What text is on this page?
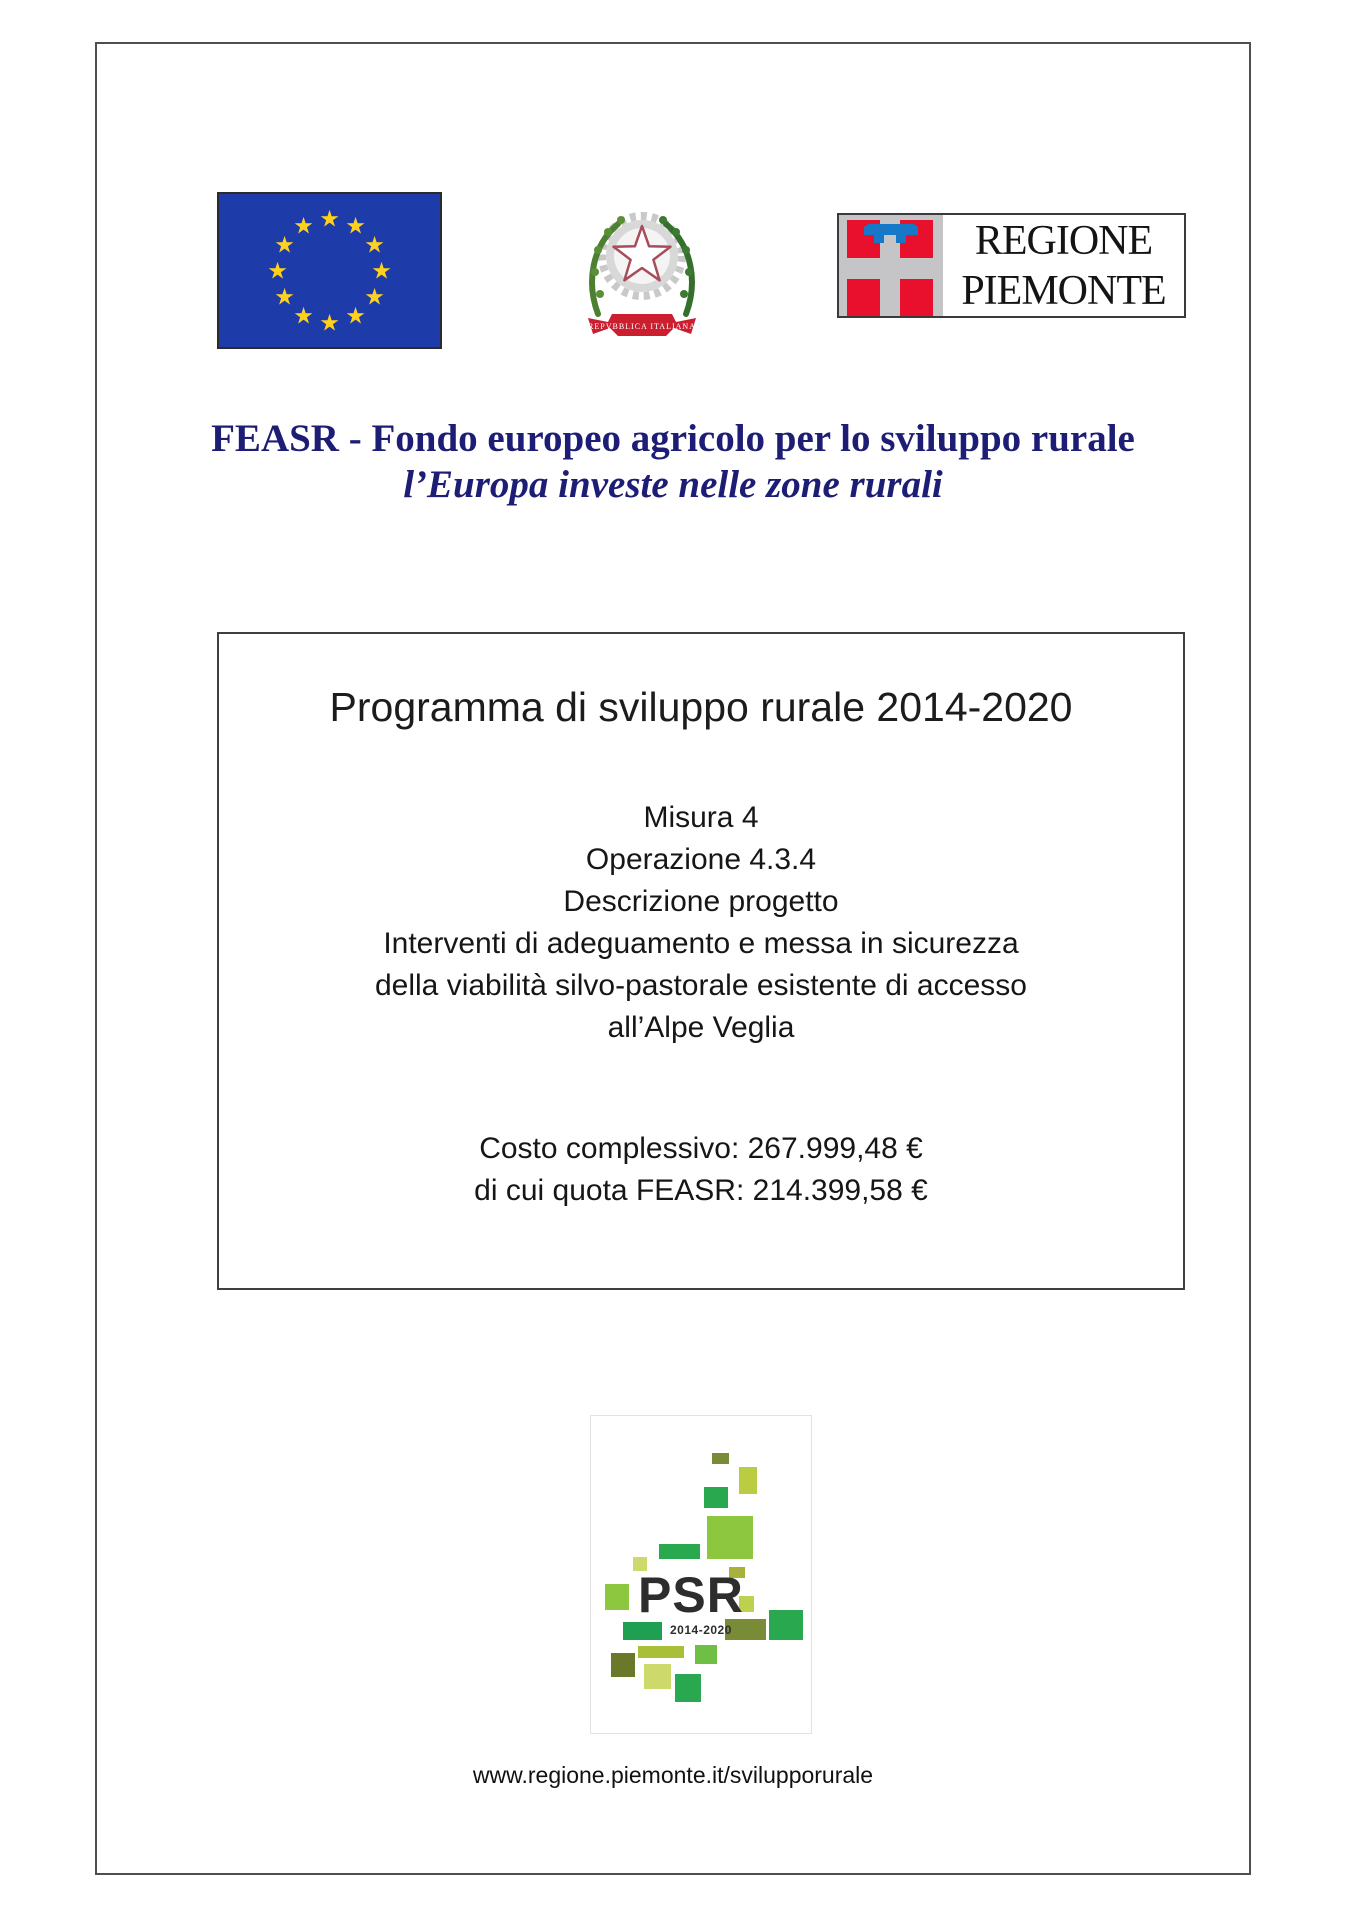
★ ★
★
★
★
★
★
★
★
★
★
★
REPVBBLICA ITALIANA
REGIONE
PIEMONTE
FEASR - Fondo europeo agricolo per lo sviluppo rurale
l’Europa investe nelle zone rurali
Programma di sviluppo rurale 2014-2020
Misura 4
Operazione 4.3.4
Descrizione progetto
Interventi di adeguamento e messa in sicurezza
della viabilità silvo-pastorale esistente di accesso
all’Alpe Veglia
Costo complessivo: 267.999,48 €
di cui quota FEASR: 214.399,58 €
PSR
2014-2020
www.regione.piemonte.it/svilupporurale
